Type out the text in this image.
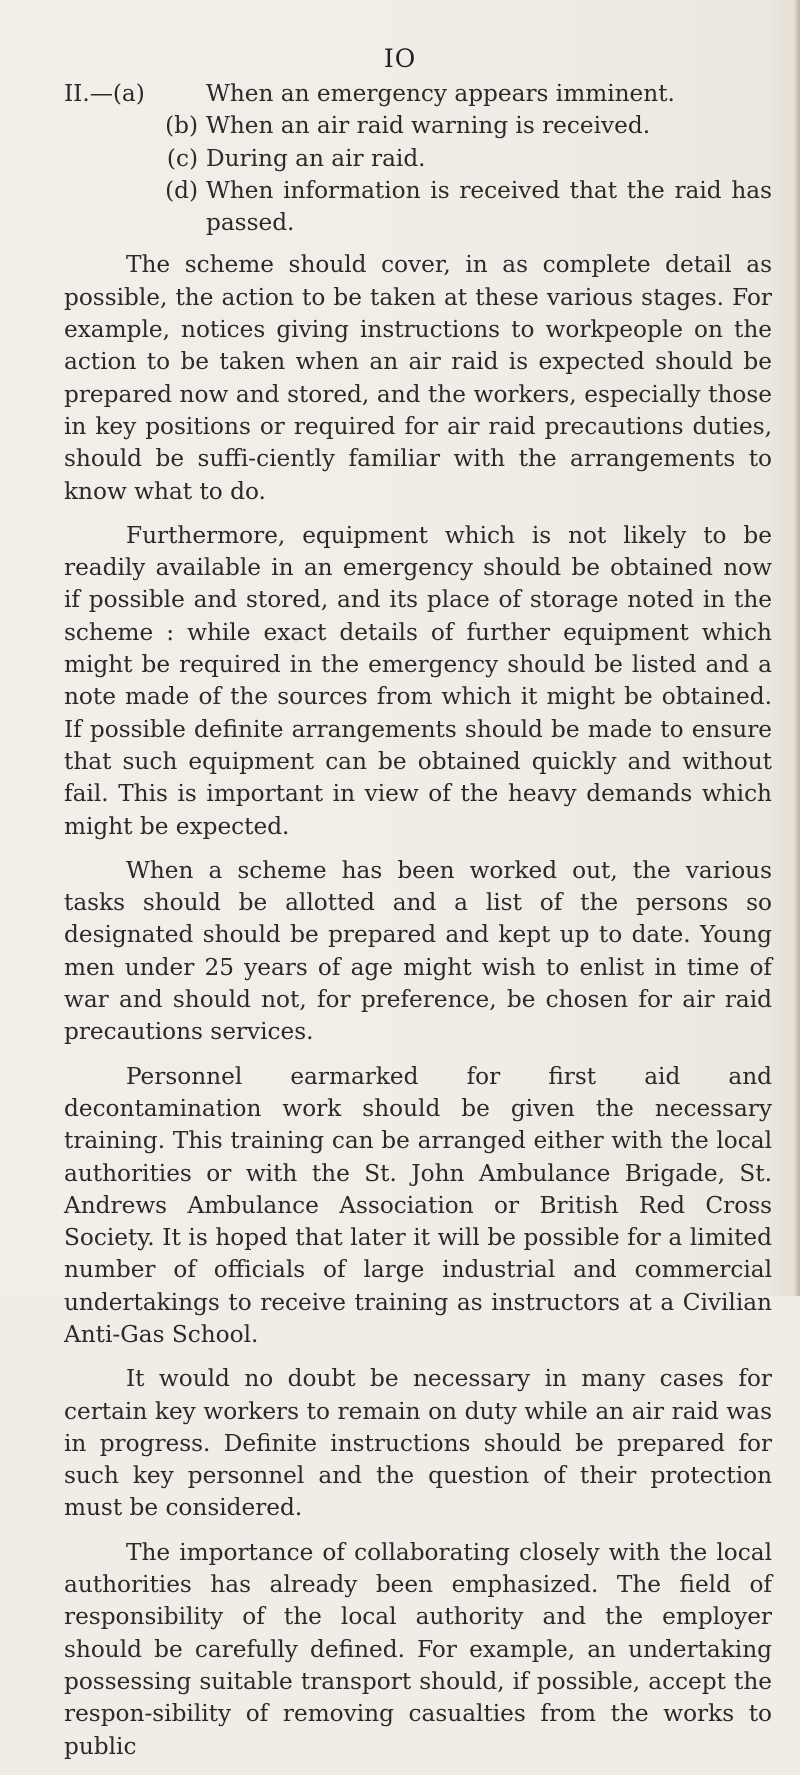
IO
II.—(a)	When an emergency appears imminent.
(b) When an air raid warning is received.
(c) During an air raid.
(d) When information is received that the raid has passed.

The scheme should cover, in as complete detail as possible, the action to be taken at these various stages. For example, notices giving instructions to workpeople on the action to be taken when an air raid is expected should be prepared now and stored, and the workers, especially those in key positions or required for air raid precautions duties, should be suffi-ciently familiar with the arrangements to know what to do.

Furthermore, equipment which is not likely to be readily available in an emergency should be obtained now if possible and stored, and its place of storage noted in the scheme : while exact details of further equipment which might be required in the emergency should be listed and a note made of the sources from which it might be obtained. If possible definite arrangements should be made to ensure that such equipment can be obtained quickly and without fail. This is important in view of the heavy demands which might be expected.

When a scheme has been worked out, the various tasks should be allotted and a list of the persons so designated should be prepared and kept up to date. Young men under 25 years of age might wish to enlist in time of war and should not, for preference, be chosen for air raid precautions services.

Personnel earmarked for first aid and decontamination work should be given the necessary training. This training can be arranged either with the local authorities or with the St. John Ambulance Brigade, St. Andrews Ambulance Association or British Red Cross Society. It is hoped that later it will be possible for a limited number of officials of large industrial and commercial undertakings to receive training as instructors at a Civilian Anti-Gas School.

It would no doubt be necessary in many cases for certain key workers to remain on duty while an air raid was in progress. Definite instructions should be prepared for such key personnel and the question of their protection must be considered.

The importance of collaborating closely with the local authorities has already been emphasized. The field of responsibility of the local authority and the employer should be carefully defined. For example, an undertaking possessing suitable transport should, if possible, accept the respon-sibility of removing casualties from the works to public
